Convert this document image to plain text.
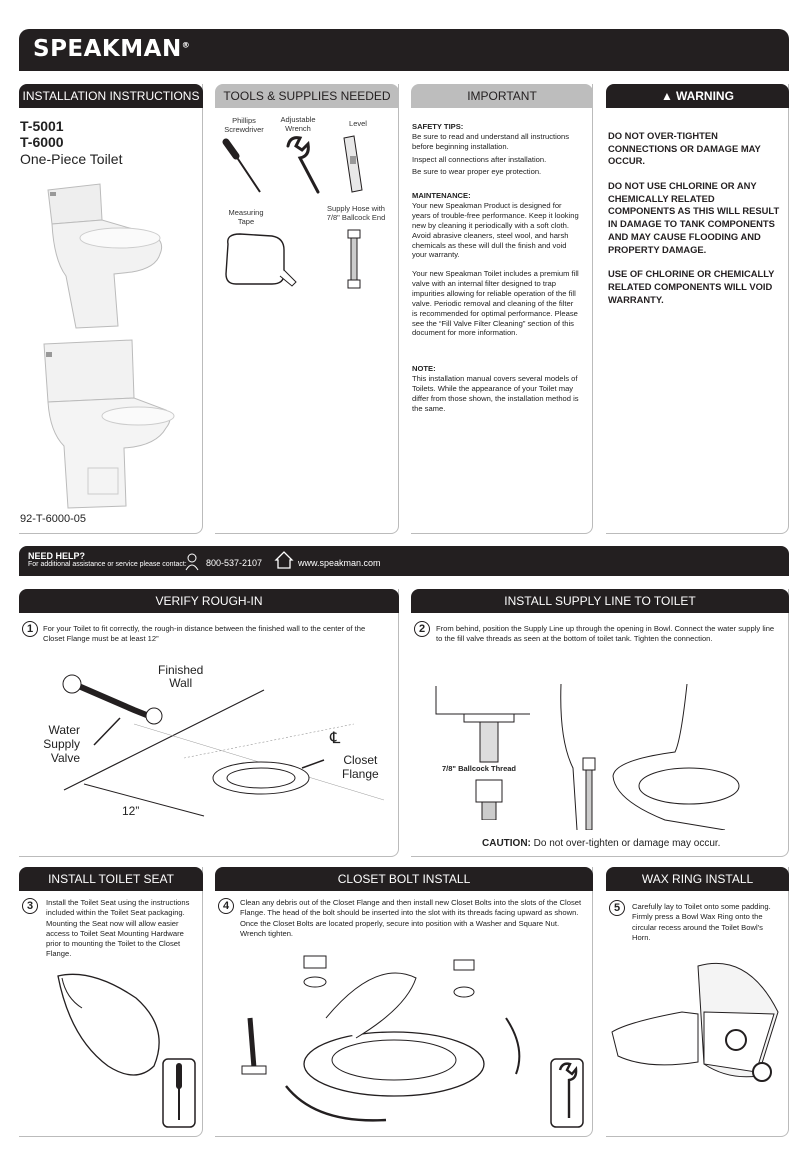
SPEAKMAN®
INSTALLATION INSTRUCTIONS
T-5001
T-6000
One-Piece Toilet
92-T-6000-05
TOOLS & SUPPLIES NEEDED
Phillips
Screwdriver
Adjustable
Wrench
Level
Measuring
Tape
Supply Hose with
7/8" Ballcock End
IMPORTANT
SAFETY TIPS:
Be sure to read and understand all instructions before beginning installation.
Inspect all connections after installation.
Be sure to wear proper eye protection.
MAINTENANCE:
Your new Speakman Product is designed for years of trouble-free performance. Keep it looking new by cleaning it periodically with a soft cloth. Avoid abrasive cleaners, steel wool, and harsh chemicals as these will dull the finish and void your warranty.
Your new Speakman Toilet includes a premium fill valve with an internal filter designed to trap impurities allowing for reliable operation of the fill valve. Periodic removal and cleaning of the filter is recommended for optimal performance. Please see the “Fill Valve Filter Cleaning” section of this document for more information.
NOTE:
This installation manual covers several models of Toilets. While the appearance of your Toilet may differ from those shown, the installation method is the same.
▲ WARNING
DO NOT OVER-TIGHTEN CONNECTIONS OR DAMAGE MAY OCCUR.
DO NOT USE CHLORINE OR ANY CHEMICALLY RELATED COMPONENTS AS THIS WILL RESULT IN DAMAGE TO TANK COMPONENTS AND MAY CAUSE FLOODING AND PROPERTY DAMAGE.
USE OF CHLORINE OR CHEMICALLY RELATED COMPONENTS WILL VOID WARRANTY.
NEED HELP?
For additional assistance or service please contact: 800-537-2107	www.speakman.com
VERIFY ROUGH-IN
1	For your Toilet to fit correctly, the rough-in distance between the finished wall to the center of the Closet Flange must be at least 12”
Finished
Wall
Water
Supply
Valve
℄
Closet
Flange
12”
INSTALL SUPPLY LINE TO TOILET
2	From behind, position the Supply Line up through the opening in Bowl. Connect the water supply line to the fill valve threads as seen at the bottom of toilet tank. Tighten the connection.
7/8" Ballcock Thread
CAUTION: Do not over-tighten or damage may occur.
INSTALL TOILET SEAT
3	Install the Toilet Seat using the instructions included within the Toilet Seat packaging. Mounting the Seat now will allow easier access to Toilet Seat Mounting Hardware prior to mounting the Toilet to the Closet Flange.
CLOSET BOLT INSTALL
4	Clean any debris out of the Closet Flange and then install new Closet Bolts into the slots of the Closet Flange. The head of the bolt should be inserted into the slot with its threads facing upward as shown. Once the Closet Bolts are located properly, secure into position with a Washer and Square Nut. Wrench tighten.
WAX RING INSTALL
5	Carefully lay to Toilet onto some padding. Firmly press a Bowl Wax Ring onto the circular recess around the Toilet Bowl’s Horn.
